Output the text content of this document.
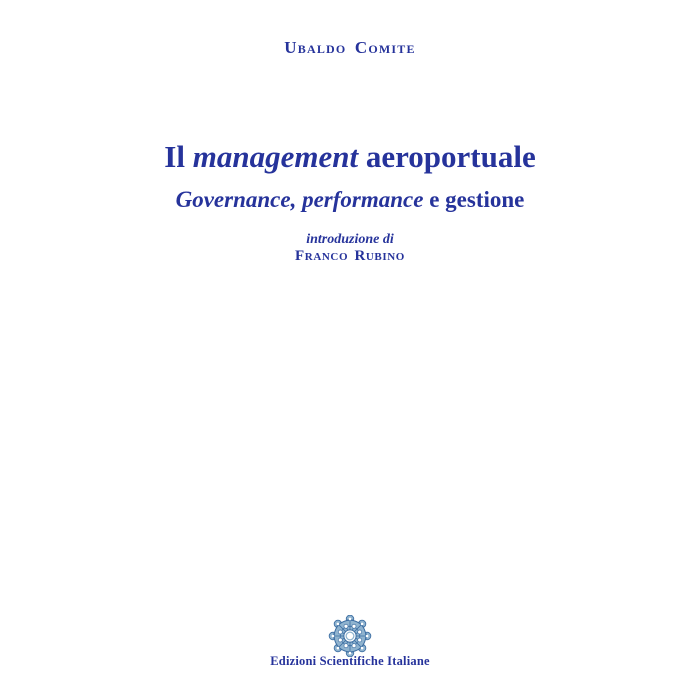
Ubaldo Comite
Il management aeroportuale
Governance, performance e gestione
introduzione di
Franco Rubino
Edizioni Scientifiche Italiane
